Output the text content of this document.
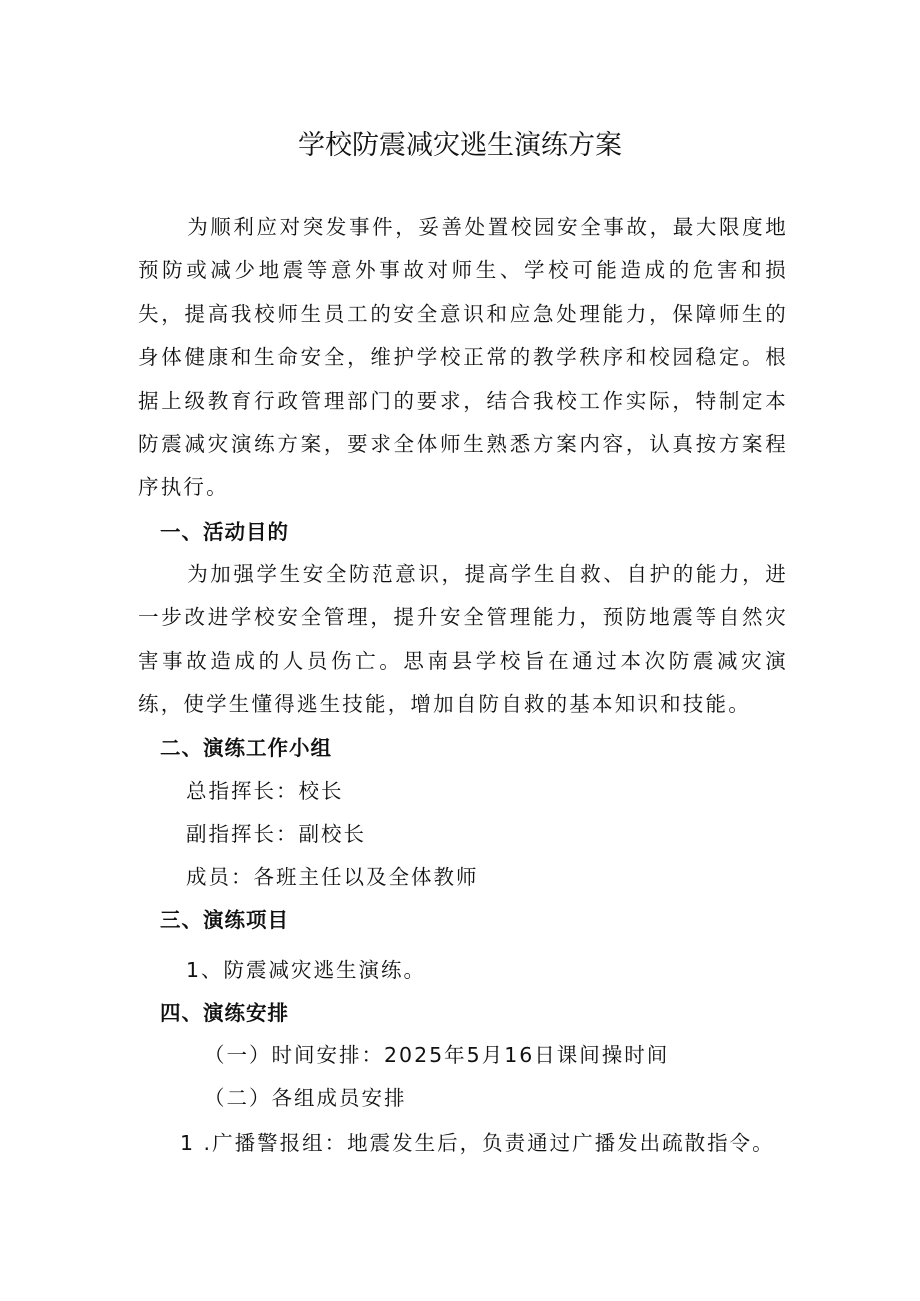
学校防震减灾逃生演练方案
为顺利应对突发事件，妥善处置校园安全事故，最大限度地预防或减少地震等意外事故对师生、学校可能造成的危害和损失，提高我校师生员工的安全意识和应急处理能力，保障师生的身体健康和生命安全，维护学校正常的教学秩序和校园稳定。根据上级教育行政管理部门的要求，结合我校工作实际，特制定本防震减灾演练方案，要求全体师生熟悉方案内容，认真按方案程序执行。
一、活动目的
为加强学生安全防范意识，提高学生自救、自护的能力，进一步改进学校安全管理，提升安全管理能力，预防地震等自然灾害事故造成的人员伤亡。思南县学校旨在通过本次防震减灾演练，使学生懂得逃生技能，增加自防自救的基本知识和技能。
二、演练工作小组
总指挥长：校长
副指挥长：副校长
成员：各班主任以及全体教师
三、演练项目
1、防震减灾逃生演练。
四、演练安排
（一）时间安排：2025年5月16日课间操时间
（二）各组成员安排
1 .广播警报组：地震发生后，负责通过广播发出疏散指令。
